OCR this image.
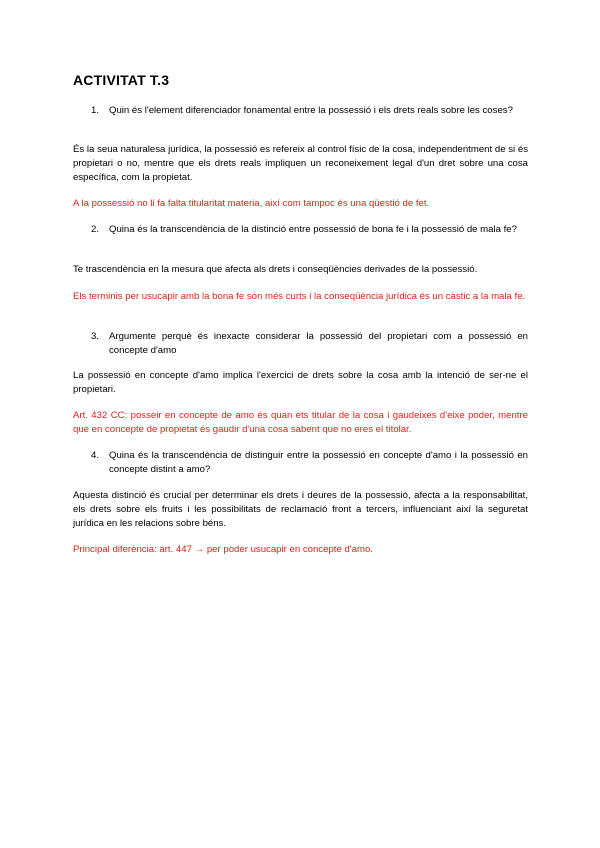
ACTIVITAT T.3
1.	Quin és l'element diferenciador fonamental entre la possessió i els drets reals sobre les coses?
És la seua naturalesa jurídica, la possessió es refereix al control físic de la cosa, independentment de si és propietari o no, mentre que els drets reals impliquen un reconeixement legal d'un dret sobre una cosa específica, com la propietat.
A la possessió no li fa falta titularitat materia, així com tampoc és una qüestió de fet.
2.	Quina és la transcendència de la distinció entre possessió de bona fe i la possessió de mala fe?
Te trascendència en la mesura que afecta als drets i conseqüències derivades de la possessió.
Els terminis per usucapir amb la bona fe són més curts i la conseqüència jurídica és un càstic a la mala fe.
3.	Argumente perquè és inexacte considerar la possessió del propietari com a possessió en concepte d'amo
La possessió en concepte d'amo implica l'exercici de drets sobre la cosa amb la intenció de ser-ne el propietari.
Art. 432 CC: posseir en concepte de amo és quan ets titular de la cosa i gaudeixes d'eixe poder, mentre que en concepte de propietat és gaudir d'una cosa sabent que no eres el titolar.
4.	Quina és la transcendència de distinguir entre la possessió en concepte d'amo i la possessió en concepte distint a amo?
Aquesta distinció és crucial per determinar els drets i deures de la possessió, afecta a la responsabilitat, els drets sobre els fruits i les possibilitats de reclamació front a tercers, influenciant així la seguretat jurídica en les relacions sobre béns.
Principal diferència: art. 447 → per poder usucapir en concepte d'amo.
